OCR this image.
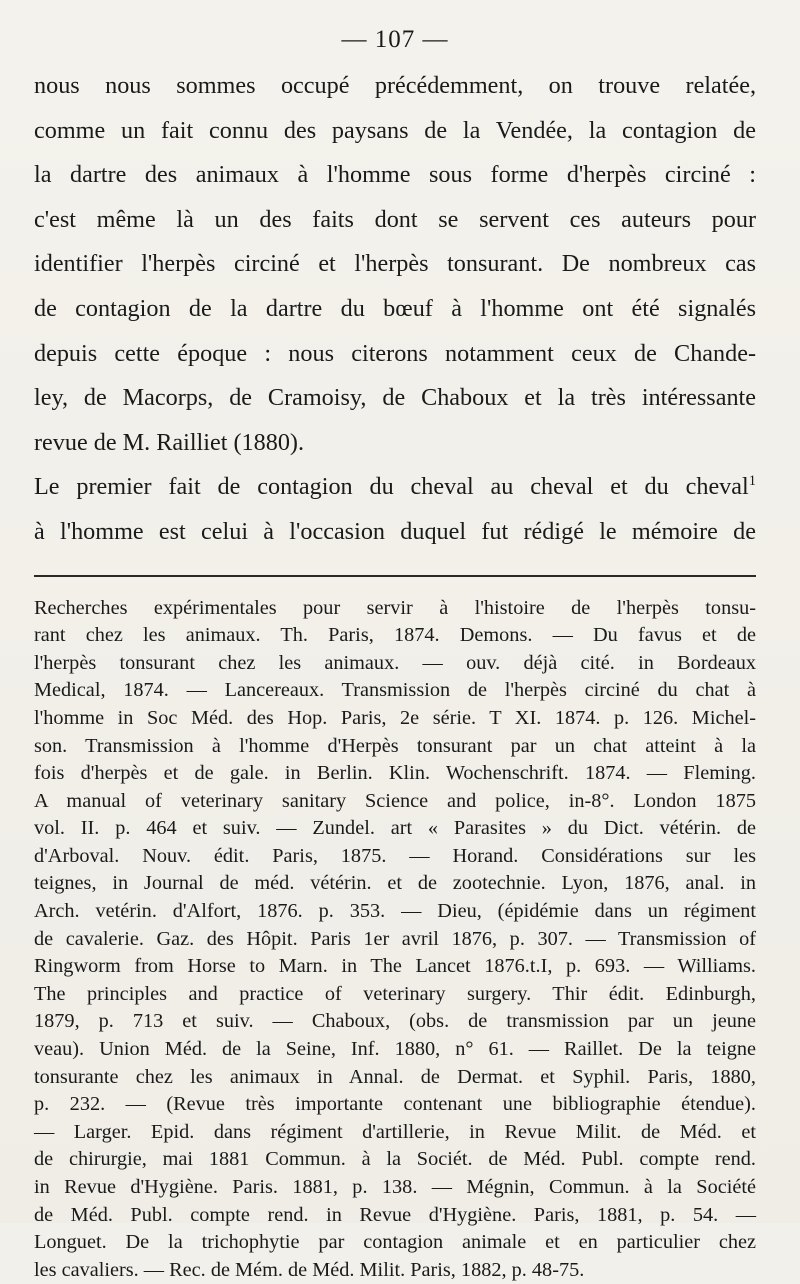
— 107 —
nous nous sommes occupé précédemment, on trouve relatée,
comme un fait connu des paysans de la Vendée, la contagion de
la dartre des animaux à l'homme sous forme d'herpès circiné :
c'est même là un des faits dont se servent ces auteurs pour
identifier l'herpès circiné et l'herpès tonsurant. De nombreux cas
de contagion de la dartre du bœuf à l'homme ont été signalés
depuis cette époque : nous citerons notamment ceux de Chande-
ley, de Macorps, de Cramoisy, de Chaboux et la très intéressante
revue de M. Railliet (1880).
Le premier fait de contagion du cheval au cheval et du cheval$^1$
à l'homme est celui à l'occasion duquel fut rédigé le mémoire de
Recherches expérimentales pour servir à l'histoire de l'herpès tonsu-
rant chez les animaux. Th. Paris, 1874. Demons. — Du favus et de
l'herpès tonsurant chez les animaux. — ouv. déjà cité. in Bordeaux
Medical, 1874. — Lancereaux. Transmission de l'herpès circiné du chat à
l'homme in Soc Méd. des Hop. Paris, 2e série. T XI. 1874. p. 126. Michel-
son. Transmission à l'homme d'Herpès tonsurant par un chat atteint à la
fois d'herpès et de gale. in Berlin. Klin. Wochenschrift. 1874. — Fleming.
A manual of veterinary sanitary Science and police, in-8°. London 1875
vol. II. p. 464 et suiv. — Zundel. art « Parasites » du Dict. vétérin. de
d'Arboval. Nouv. édit. Paris, 1875. — Horand. Considérations sur les
teignes, in Journal de méd. vétérin. et de zootechnie. Lyon, 1876, anal. in
Arch. vetérin. d'Alfort, 1876. p. 353. — Dieu, (épidémie dans un régiment
de cavalerie. Gaz. des Hôpit. Paris 1er avril 1876, p. 307. — Transmission of
Ringworm from Horse to Marn. in The Lancet 1876.t.I, p. 693. — Williams.
The principles and practice of veterinary surgery. Thir édit. Edinburgh,
1879, p. 713 et suiv. — Chaboux, (obs. de transmission par un jeune
veau). Union Méd. de la Seine, Inf. 1880, n° 61. — Raillet. De la teigne
tonsurante chez les animaux in Annal. de Dermat. et Syphil. Paris, 1880,
p. 232. — (Revue très importante contenant une bibliographie étendue).
— Larger. Epid. dans régiment d'artillerie, in Revue Milit. de Méd. et
de chirurgie, mai 1881 Commun. à la Sociét. de Méd. Publ. compte rend.
in Revue d'Hygiène. Paris. 1881, p. 138. — Mégnin, Commun. à la Société
de Méd. Publ. compte rend. in Revue d'Hygiène. Paris, 1881, p. 54. —
Longuet. De la trichophytie par contagion animale et en particulier chez
les cavaliers. — Rec. de Mém. de Méd. Milit. Paris, 1882, p. 48-75.
